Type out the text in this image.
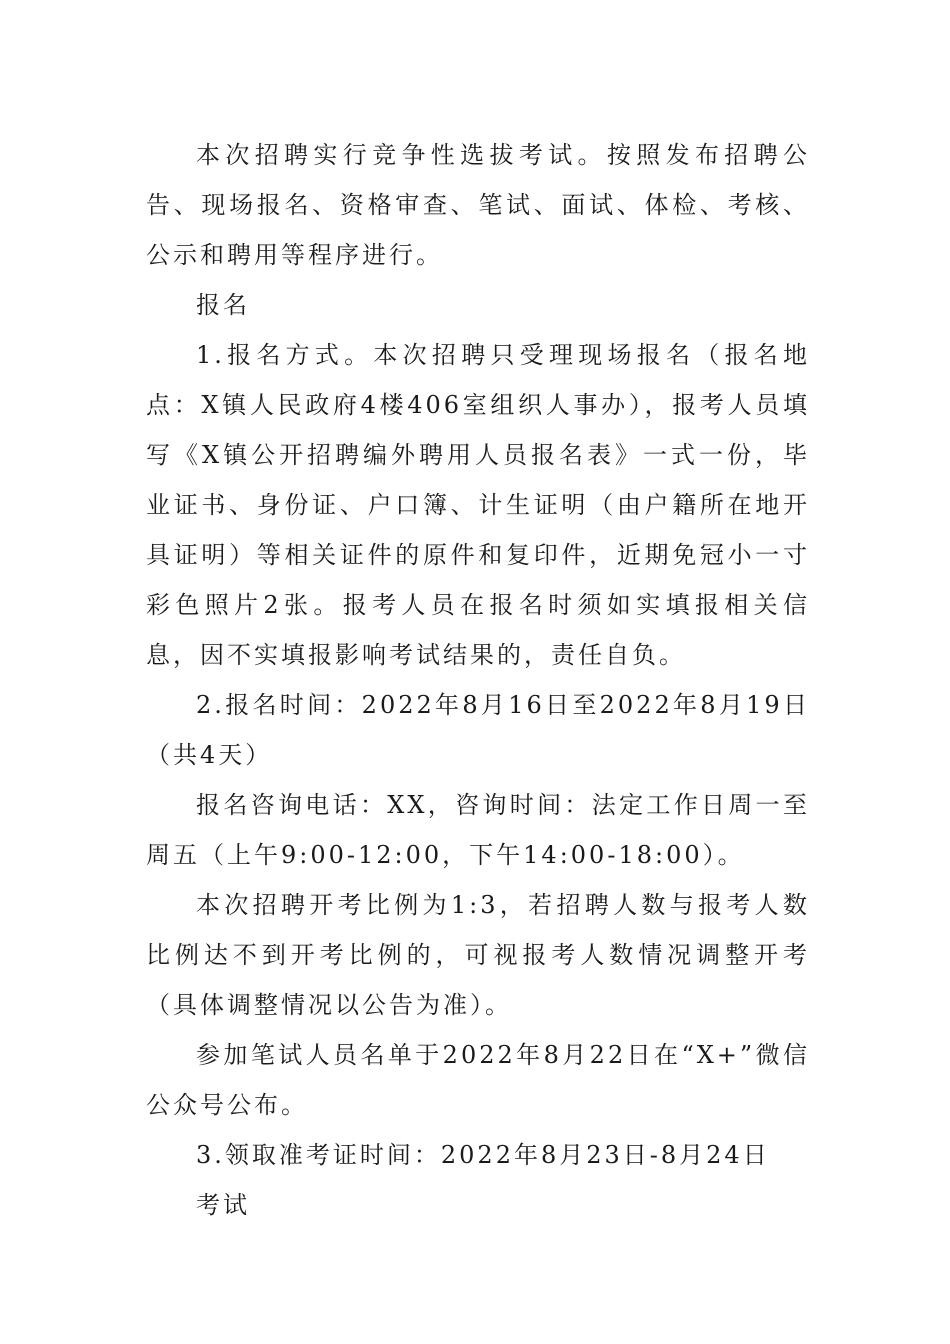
本次招聘实行竞争性选拔考试。按照发布招聘公告、现场报名、资格审查、笔试、面试、体检、考核、公示和聘用等程序进行。

报名

1.报名方式。本次招聘只受理现场报名（报名地点：X镇人民政府4楼406室组织人事办），报考人员填写《X镇公开招聘编外聘用人员报名表》一式一份，毕业证书、身份证、户口簿、计生证明（由户籍所在地开具证明）等相关证件的原件和复印件，近期免冠小一寸彩色照片2张。报考人员在报名时须如实填报相关信息，因不实填报影响考试结果的，责任自负。

2.报名时间：2022年8月16日至2022年8月19日（共4天）

报名咨询电话：XX，咨询时间：法定工作日周一至周五（上午9:00-12:00，下午14:00-18:00）。

本次招聘开考比例为1:3，若招聘人数与报考人数比例达不到开考比例的，可视报考人数情况调整开考（具体调整情况以公告为准）。

参加笔试人员名单于2022年8月22日在“X+”微信公众号公布。

3.领取准考证时间：2022年8月23日-8月24日

考试
